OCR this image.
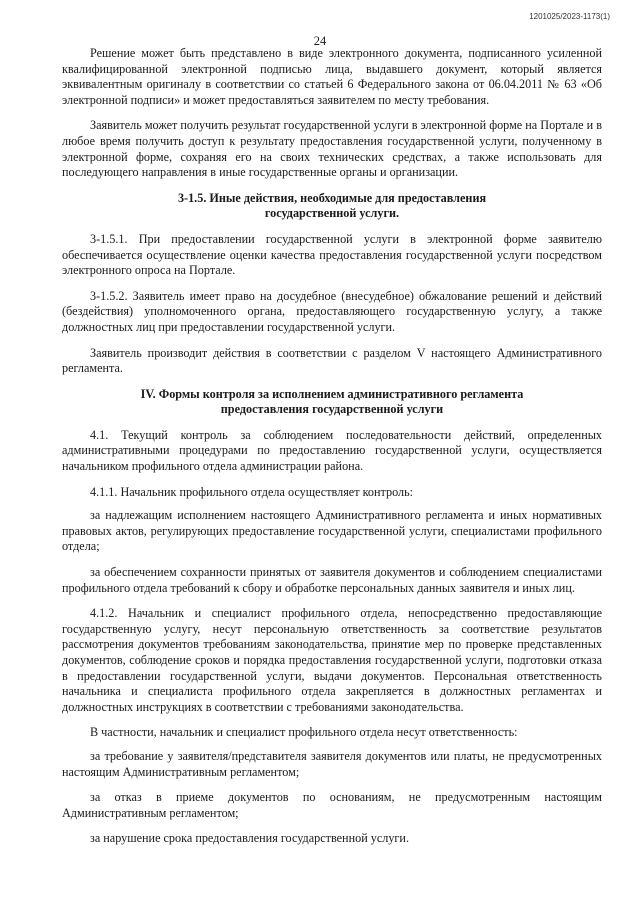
1201025/2023-1173(1)
24

Решение может быть представлено в виде электронного документа, подписанного усиленной квалифицированной электронной подписью лица, выдавшего документ, который является эквивалентным оригиналу в соответствии со статьей 6 Федерального закона от 06.04.2011 № 63 «Об электронной подписи» и может предоставляться заявителем по месту требования.

Заявитель может получить результат государственной услуги в электронной форме на Портале и в любое время получить доступ к результату предоставления государственной услуги, полученному в электронной форме, сохраняя его на своих технических средствах, а также использовать для последующего направления в иные государственные органы и организации.

3-1.5. Иные действия, необходимые для предоставления
государственной услуги.

3-1.5.1. При предоставлении государственной услуги в электронной форме заявителю обеспечивается осуществление оценки качества предоставления государственной услуги посредством электронного опроса на Портале.

3-1.5.2. Заявитель имеет право на досудебное (внесудебное) обжалование решений и действий (бездействия) уполномоченного органа, предоставляющего государственную услугу, а также должностных лиц при предоставлении государственной услуги.

Заявитель производит действия в соответствии с разделом V настоящего Административного регламента.

IV. Формы контроля за исполнением административного регламента
предоставления государственной услуги

4.1. Текущий контроль за соблюдением последовательности действий, определенных административными процедурами по предоставлению государственной услуги, осуществляется начальником профильного отдела администрации района.

4.1.1. Начальник профильного отдела осуществляет контроль:

за надлежащим исполнением настоящего Административного регламента и иных нормативных правовых актов, регулирующих предоставление государственной услуги, специалистами профильного отдела;

за обеспечением сохранности принятых от заявителя документов и соблюдением специалистами профильного отдела требований к сбору и обработке персональных данных заявителя и иных лиц.

4.1.2. Начальник и специалист профильного отдела, непосредственно предоставляющие государственную услугу, несут персональную ответственность за соответствие результатов рассмотрения документов требованиям законодательства, принятие мер по проверке представленных документов, соблюдение сроков и порядка предоставления государственной услуги, подготовки отказа в предоставлении государственной услуги, выдачи документов. Персональная ответственность начальника и специалиста профильного отдела закрепляется в должностных регламентах и должностных инструкциях в соответствии с требованиями законодательства.

В частности, начальник и специалист профильного отдела несут ответственность:

за требование у заявителя/представителя заявителя документов или платы, не предусмотренных настоящим Административным регламентом;

за отказ в приеме документов по основаниям, не предусмотренным настоящим Административным регламентом;

за нарушение срока предоставления государственной услуги.
